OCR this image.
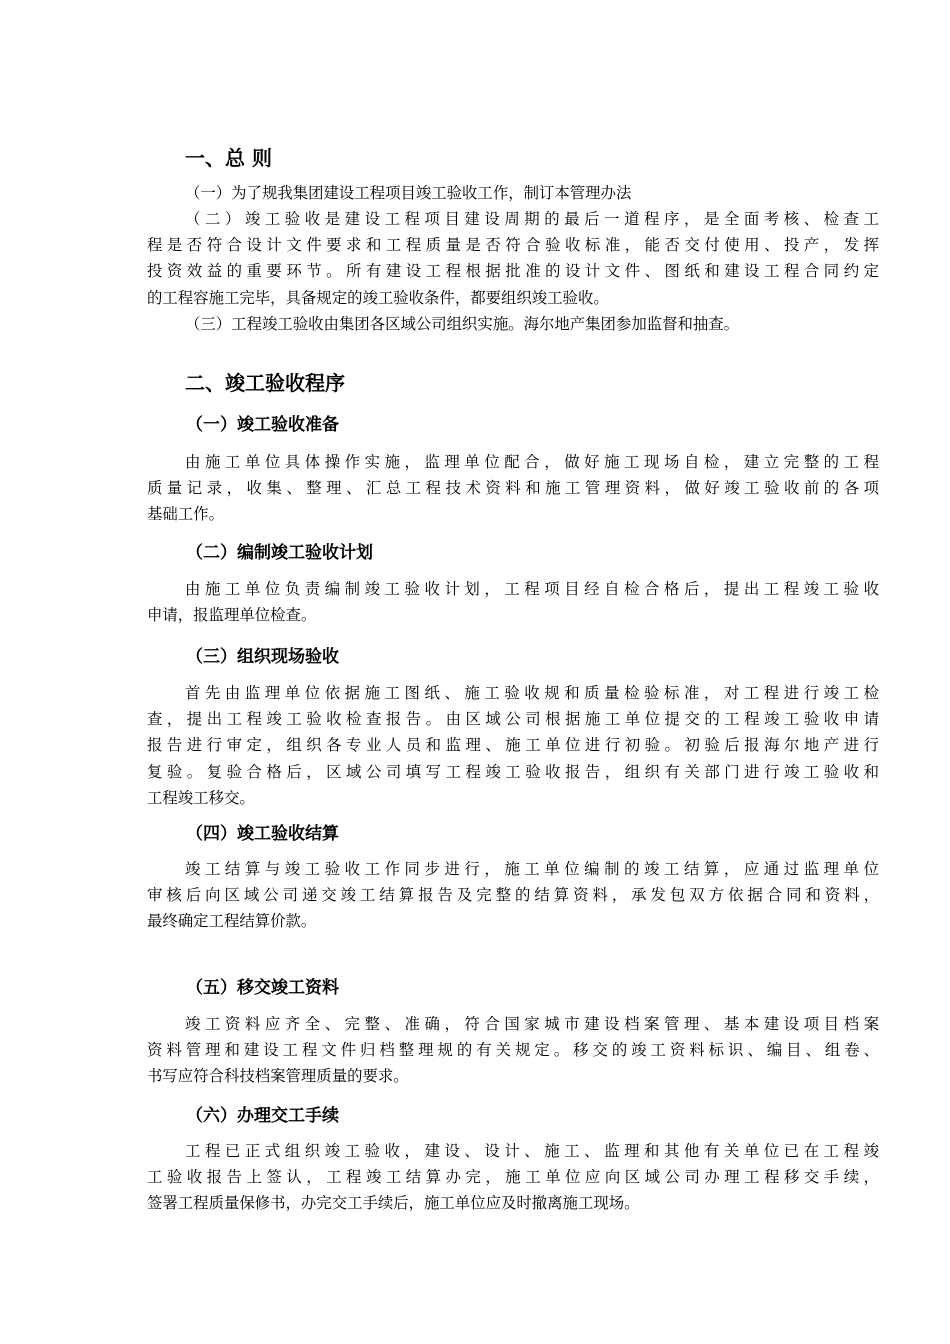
一、总 则
（一）为了规我集团建设工程项目竣工验收工作，制订本管理办法
（二）竣工验收是建设工程项目建设周期的最后一道程序，是全面考核、检查工
程是否符合设计文件要求和工程质量是否符合验收标准，能否交付使用、投产，发挥
投资效益的重要环节。所有建设工程根据批准的设计文件、图纸和建设工程合同约定
的工程容施工完毕，具备规定的竣工验收条件，都要组织竣工验收。
（三）工程竣工验收由集团各区域公司组织实施。海尔地产集团参加监督和抽查。
二、竣工验收程序
（一）竣工验收准备
由施工单位具体操作实施，监理单位配合，做好施工现场自检，建立完整的工程
质量记录，收集、整理、汇总工程技术资料和施工管理资料，做好竣工验收前的各项
基础工作。
（二）编制竣工验收计划
由施工单位负责编制竣工验收计划，工程项目经自检合格后，提出工程竣工验收
申请，报监理单位检查。
（三）组织现场验收
首先由监理单位依据施工图纸、施工验收规和质量检验标准，对工程进行竣工检
查，提出工程竣工验收检查报告。由区域公司根据施工单位提交的工程竣工验收申请
报告进行审定，组织各专业人员和监理、施工单位进行初验。初验后报海尔地产进行
复验。复验合格后，区域公司填写工程竣工验收报告，组织有关部门进行竣工验收和
工程竣工移交。
（四）竣工验收结算
竣工结算与竣工验收工作同步进行，施工单位编制的竣工结算，应通过监理单位
审核后向区域公司递交竣工结算报告及完整的结算资料，承发包双方依据合同和资料，
最终确定工程结算价款。
（五）移交竣工资料
竣工资料应齐全、完整、准确，符合国家城市建设档案管理、基本建设项目档案
资料管理和建设工程文件归档整理规的有关规定。移交的竣工资料标识、编目、组卷、
书写应符合科技档案管理质量的要求。
（六）办理交工手续
工程已正式组织竣工验收，建设、设计、施工、监理和其他有关单位已在工程竣
工验收报告上签认，工程竣工结算办完，施工单位应向区域公司办理工程移交手续，
签署工程质量保修书，办完交工手续后，施工单位应及时撤离施工现场。
